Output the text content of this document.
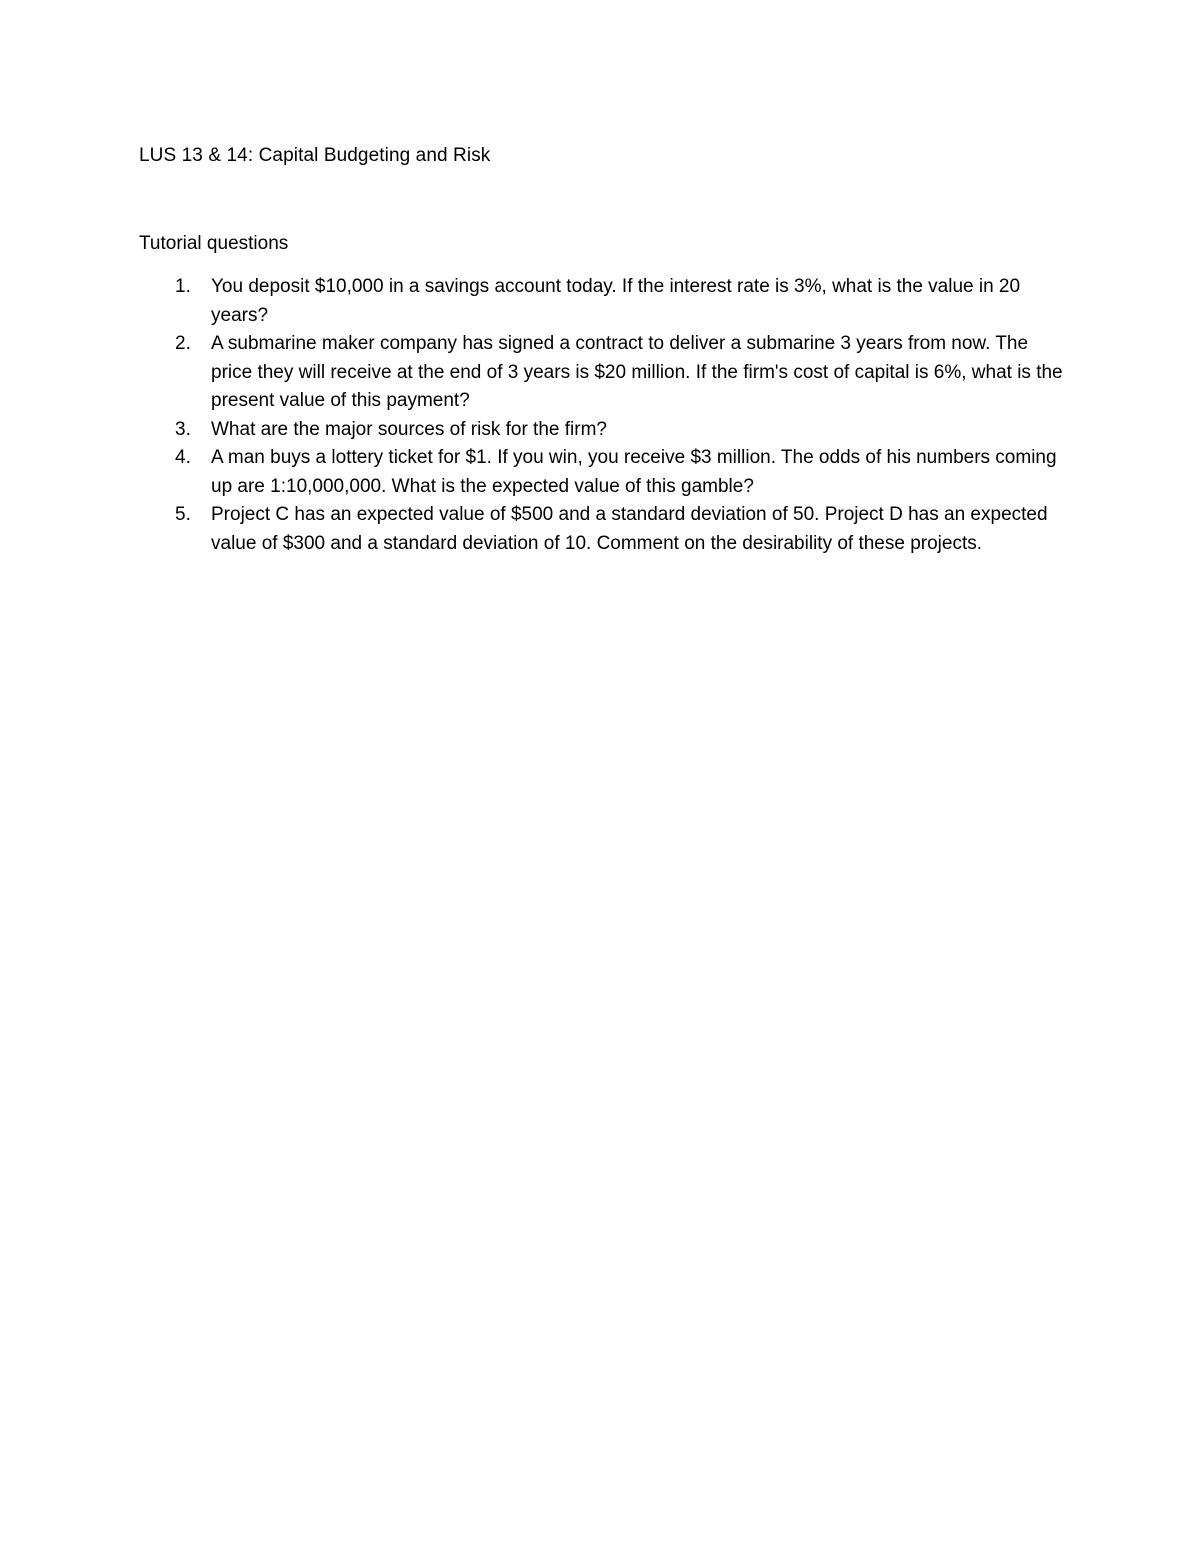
LUS 13 & 14: Capital Budgeting and Risk
Tutorial questions
1. You deposit $10,000 in a savings account today. If the interest rate is 3%, what is the value in 20 years?
2. A submarine maker company has signed a contract to deliver a submarine 3 years from now. The price they will receive at the end of 3 years is $20 million. If the firm's cost of capital is 6%, what is the present value of this payment?
3. What are the major sources of risk for the firm?
4. A man buys a lottery ticket for $1. If you win, you receive $3 million. The odds of his numbers coming up are 1:10,000,000. What is the expected value of this gamble?
5. Project C has an expected value of $500 and a standard deviation of 50. Project D has an expected value of $300 and a standard deviation of 10. Comment on the desirability of these projects.
